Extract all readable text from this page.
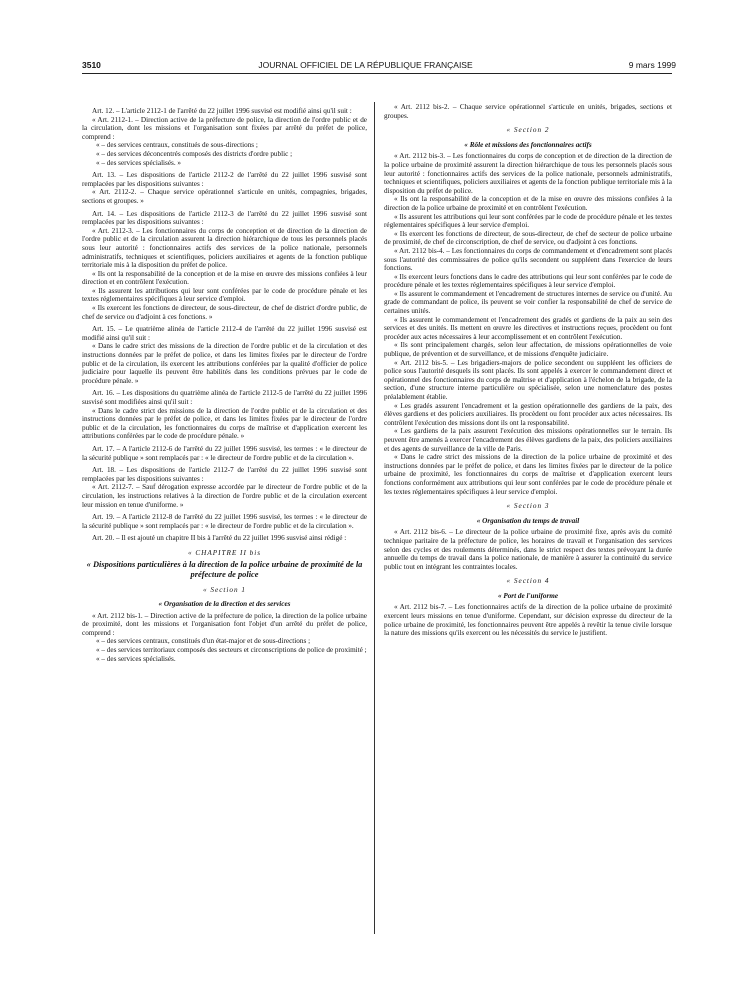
3510	JOURNAL OFFICIEL DE LA RÉPUBLIQUE FRANÇAISE	9 mars 1999

Art. 12. – L'article 2112-1 de l'arrêté du 22 juillet 1996 susvisé est modifié ainsi qu'il suit :

« Art. 2112-1. – Direction active de la préfecture de police, la direction de l'ordre public et de la circulation, dont les missions et l'organisation sont fixées par arrêté du préfet de police, comprend :

« – des services centraux, constitués de sous-directions ;

« – des services déconcentrés composés des districts d'ordre public ;

« – des services spécialisés. »

Art. 13. – Les dispositions de l'article 2112-2 de l'arrêté du 22 juillet 1996 susvisé sont remplacées par les dispositions suivantes :

« Art. 2112-2. – Chaque service opérationnel s'articule en unités, compagnies, brigades, sections et groupes. »

Art. 14. – Les dispositions de l'article 2112-3 de l'arrêté du 22 juillet 1996 susvisé sont remplacées par les dispositions suivantes :

« Art. 2112-3. – Les fonctionnaires du corps de conception et de direction de la direction de l'ordre public et de la circulation assurent la direction hiérarchique de tous les personnels placés sous leur autorité : fonctionnaires actifs des services de la police nationale, personnels administratifs, techniques et scientifiques, policiers auxiliaires et agents de la fonction publique territoriale mis à la disposition du préfet de police.

« Ils ont la responsabilité de la conception et de la mise en œuvre des missions confiées à leur direction et en contrôlent l'exécution.

« Ils assurent les attributions qui leur sont conférées par le code de procédure pénale et les textes réglementaires spécifiques à leur service d'emploi.

« Ils exercent les fonctions de directeur, de sous-directeur, de chef de district d'ordre public, de chef de service ou d'adjoint à ces fonctions. »

Art. 15. – Le quatrième alinéa de l'article 2112-4 de l'arrêté du 22 juillet 1996 susvisé est modifié ainsi qu'il suit :

« Dans le cadre strict des missions de la direction de l'ordre public et de la circulation et des instructions données par le préfet de police, et dans les limites fixées par le directeur de l'ordre public et de la circulation, ils exercent les attributions conférées par la qualité d'officier de police judiciaire pour laquelle ils peuvent être habilités dans les conditions prévues par le code de procédure pénale. »

Art. 16. – Les dispositions du quatrième alinéa de l'article 2112-5 de l'arrêté du 22 juillet 1996 susvisé sont modifiées ainsi qu'il suit :

« Dans le cadre strict des missions de la direction de l'ordre public et de la circulation et des instructions données par le préfet de police, et dans les limites fixées par le directeur de l'ordre public et de la circulation, les fonctionnaires du corps de maîtrise et d'application exercent les attributions conférées par le code de procédure pénale. »

Art. 17. – A l'article 2112-6 de l'arrêté du 22 juillet 1996 susvisé, les termes : « le directeur de la sécurité publique » sont remplacés par : « le directeur de l'ordre public et de la circulation ».

Art. 18. – Les dispositions de l'article 2112-7 de l'arrêté du 22 juillet 1996 susvisé sont remplacées par les dispositions suivantes :

« Art. 2112-7. – Sauf dérogation expresse accordée par le directeur de l'ordre public et de la circulation, les instructions relatives à la direction de l'ordre public et de la circulation exercent leur mission en tenue d'uniforme. »

Art. 19. – A l'article 2112-8 de l'arrêté du 22 juillet 1996 susvisé, les termes : « le directeur de la sécurité publique » sont remplacés par : « le directeur de l'ordre public et de la circulation ».

Art. 20. – Il est ajouté un chapitre II bis à l'arrêté du 22 juillet 1996 susvisé ainsi rédigé :

« CHAPITRE II bis

« Dispositions particulières à la direction de la police urbaine de proximité de la préfecture de police

« Section 1

« Organisation de la direction et des services

« Art. 2112 bis-1. – Direction active de la préfecture de police, la direction de la police urbaine de proximité, dont les missions et l'organisation font l'objet d'un arrêté du préfet de police, comprend :

« – des services centraux, constitués d'un état-major et de sous-directions ;

« – des services territoriaux composés des secteurs et circonscriptions de police de proximité ;

« – des services spécialisés.

« Art. 2112 bis-2. – Chaque service opérationnel s'articule en unités, brigades, sections et groupes.

« Section 2

« Rôle et missions des fonctionnaires actifs

« Art. 2112 bis-3. – Les fonctionnaires du corps de conception et de direction de la direction de la police urbaine de proximité assurent la direction hiérarchique de tous les personnels placés sous leur autorité : fonctionnaires actifs des services de la police nationale, personnels administratifs, techniques et scientifiques, policiers auxiliaires et agents de la fonction publique territoriale mis à la disposition du préfet de police.

« Ils ont la responsabilité de la conception et de la mise en œuvre des missions confiées à la direction de la police urbaine de proximité et en contrôlent l'exécution.

« Ils assurent les attributions qui leur sont conférées par le code de procédure pénale et les textes réglementaires spécifiques à leur service d'emploi.

« Ils exercent les fonctions de directeur, de sous-directeur, de chef de secteur de police urbaine de proximité, de chef de circonscription, de chef de service, ou d'adjoint à ces fonctions.

« Art. 2112 bis-4. – Les fonctionnaires du corps de commandement et d'encadrement sont placés sous l'autorité des commissaires de police qu'ils secondent ou suppléent dans l'exercice de leurs fonctions.

« Ils exercent leurs fonctions dans le cadre des attributions qui leur sont conférées par le code de procédure pénale et les textes réglementaires spécifiques à leur service d'emploi.

« Ils assurent le commandement et l'encadrement de structures internes de service ou d'unité. Au grade de commandant de police, ils peuvent se voir confier la responsabilité de chef de service de certaines unités.

« Ils assurent le commandement et l'encadrement des gradés et gardiens de la paix au sein des services et des unités. Ils mettent en œuvre les directives et instructions reçues, procèdent ou font procéder aux actes nécessaires à leur accomplissement et en contrôlent l'exécution.

« Ils sont principalement chargés, selon leur affectation, de missions opérationnelles de voie publique, de prévention et de surveillance, et de missions d'enquête judiciaire.

« Art. 2112 bis-5. – Les brigadiers-majors de police secondent ou suppléent les officiers de police sous l'autorité desquels ils sont placés. Ils sont appelés à exercer le commandement direct et opérationnel des fonctionnaires du corps de maîtrise et d'application à l'échelon de la brigade, de la section, d'une structure interne particulière ou spécialisée, selon une nomenclature des postes préalablement établie.

« Les gradés assurent l'encadrement et la gestion opérationnelle des gardiens de la paix, des élèves gardiens et des policiers auxiliaires. Ils procèdent ou font procéder aux actes nécessaires. Ils contrôlent l'exécution des missions dont ils ont la responsabilité.

« Les gardiens de la paix assurent l'exécution des missions opérationnelles sur le terrain. Ils peuvent être amenés à exercer l'encadrement des élèves gardiens de la paix, des policiers auxiliaires et des agents de surveillance de la ville de Paris.

« Dans le cadre strict des missions de la direction de la police urbaine de proximité et des instructions données par le préfet de police, et dans les limites fixées par le directeur de la police urbaine de proximité, les fonctionnaires du corps de maîtrise et d'application exercent leurs fonctions conformément aux attributions qui leur sont conférées par le code de procédure pénale et les textes réglementaires spécifiques à leur service d'emploi.

« Section 3

« Organisation du temps de travail

« Art. 2112 bis-6. – Le directeur de la police urbaine de proximité fixe, après avis du comité technique paritaire de la préfecture de police, les horaires de travail et l'organisation des services selon des cycles et des roulements déterminés, dans le strict respect des textes prévoyant la durée annuelle du temps de travail dans la police nationale, de manière à assurer la continuité du service public tout en intégrant les contraintes locales.

« Section 4

« Port de l'uniforme

« Art. 2112 bis-7. – Les fonctionnaires actifs de la direction de la police urbaine de proximité exercent leurs missions en tenue d'uniforme. Cependant, sur décision expresse du directeur de la police urbaine de proximité, les fonctionnaires peuvent être appelés à revêtir la tenue civile lorsque la nature des missions qu'ils exercent ou les nécessités du service le justifient.
